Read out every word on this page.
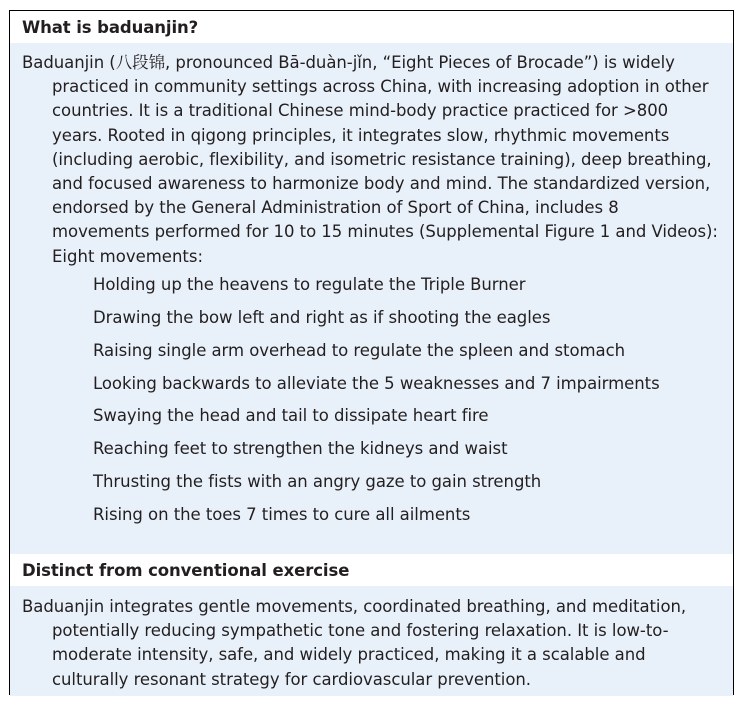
What is baduanjin?

Baduanjin (八段锦, pronounced Bā-duàn-jǐn, “Eight Pieces of Brocade”) is widely practiced in community settings across China, with increasing adoption in other countries. It is a traditional Chinese mind-body practice practiced for >800 years. Rooted in qigong principles, it integrates slow, rhythmic movements (including aerobic, flexibility, and isometric resistance training), deep breathing, and focused awareness to harmonize body and mind. The standardized version, endorsed by the General Administration of Sport of China, includes 8 movements performed for 10 to 15 minutes (Supplemental Figure 1 and Videos):

Eight movements:

Holding up the heavens to regulate the Triple Burner
Drawing the bow left and right as if shooting the eagles
Raising single arm overhead to regulate the spleen and stomach
Looking backwards to alleviate the 5 weaknesses and 7 impairments
Swaying the head and tail to dissipate heart fire
Reaching feet to strengthen the kidneys and waist
Thrusting the fists with an angry gaze to gain strength
Rising on the toes 7 times to cure all ailments
Distinct from conventional exercise

Baduanjin integrates gentle movements, coordinated breathing, and meditation, potentially reducing sympathetic tone and fostering relaxation. It is low-to-moderate intensity, safe, and widely practiced, making it a scalable and culturally resonant strategy for cardiovascular prevention.
